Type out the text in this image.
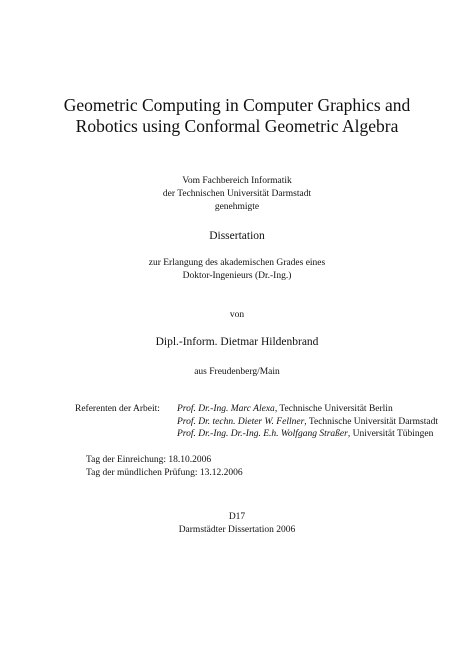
Geometric Computing in Computer Graphics and
Robotics using Conformal Geometric Algebra
Vom Fachbereich Informatik
der Technischen Universität Darmstadt
genehmigte
Dissertation
zur Erlangung des akademischen Grades eines
Doktor-Ingenieurs (Dr.-Ing.)
von
Dipl.-Inform. Dietmar Hildenbrand
aus Freudenberg/Main
Referenten der Arbeit: Prof. Dr.-Ing. Marc Alexa, Technische Universität Berlin
Prof. Dr. techn. Dieter W. Fellner, Technische Universität Darmstadt
Prof. Dr.-Ing. Dr.-Ing. E.h. Wolfgang Straßer, Universität Tübingen
Tag der Einreichung: 18.10.2006
Tag der mündlichen Prüfung: 13.12.2006
D17
Darmstädter Dissertation 2006
